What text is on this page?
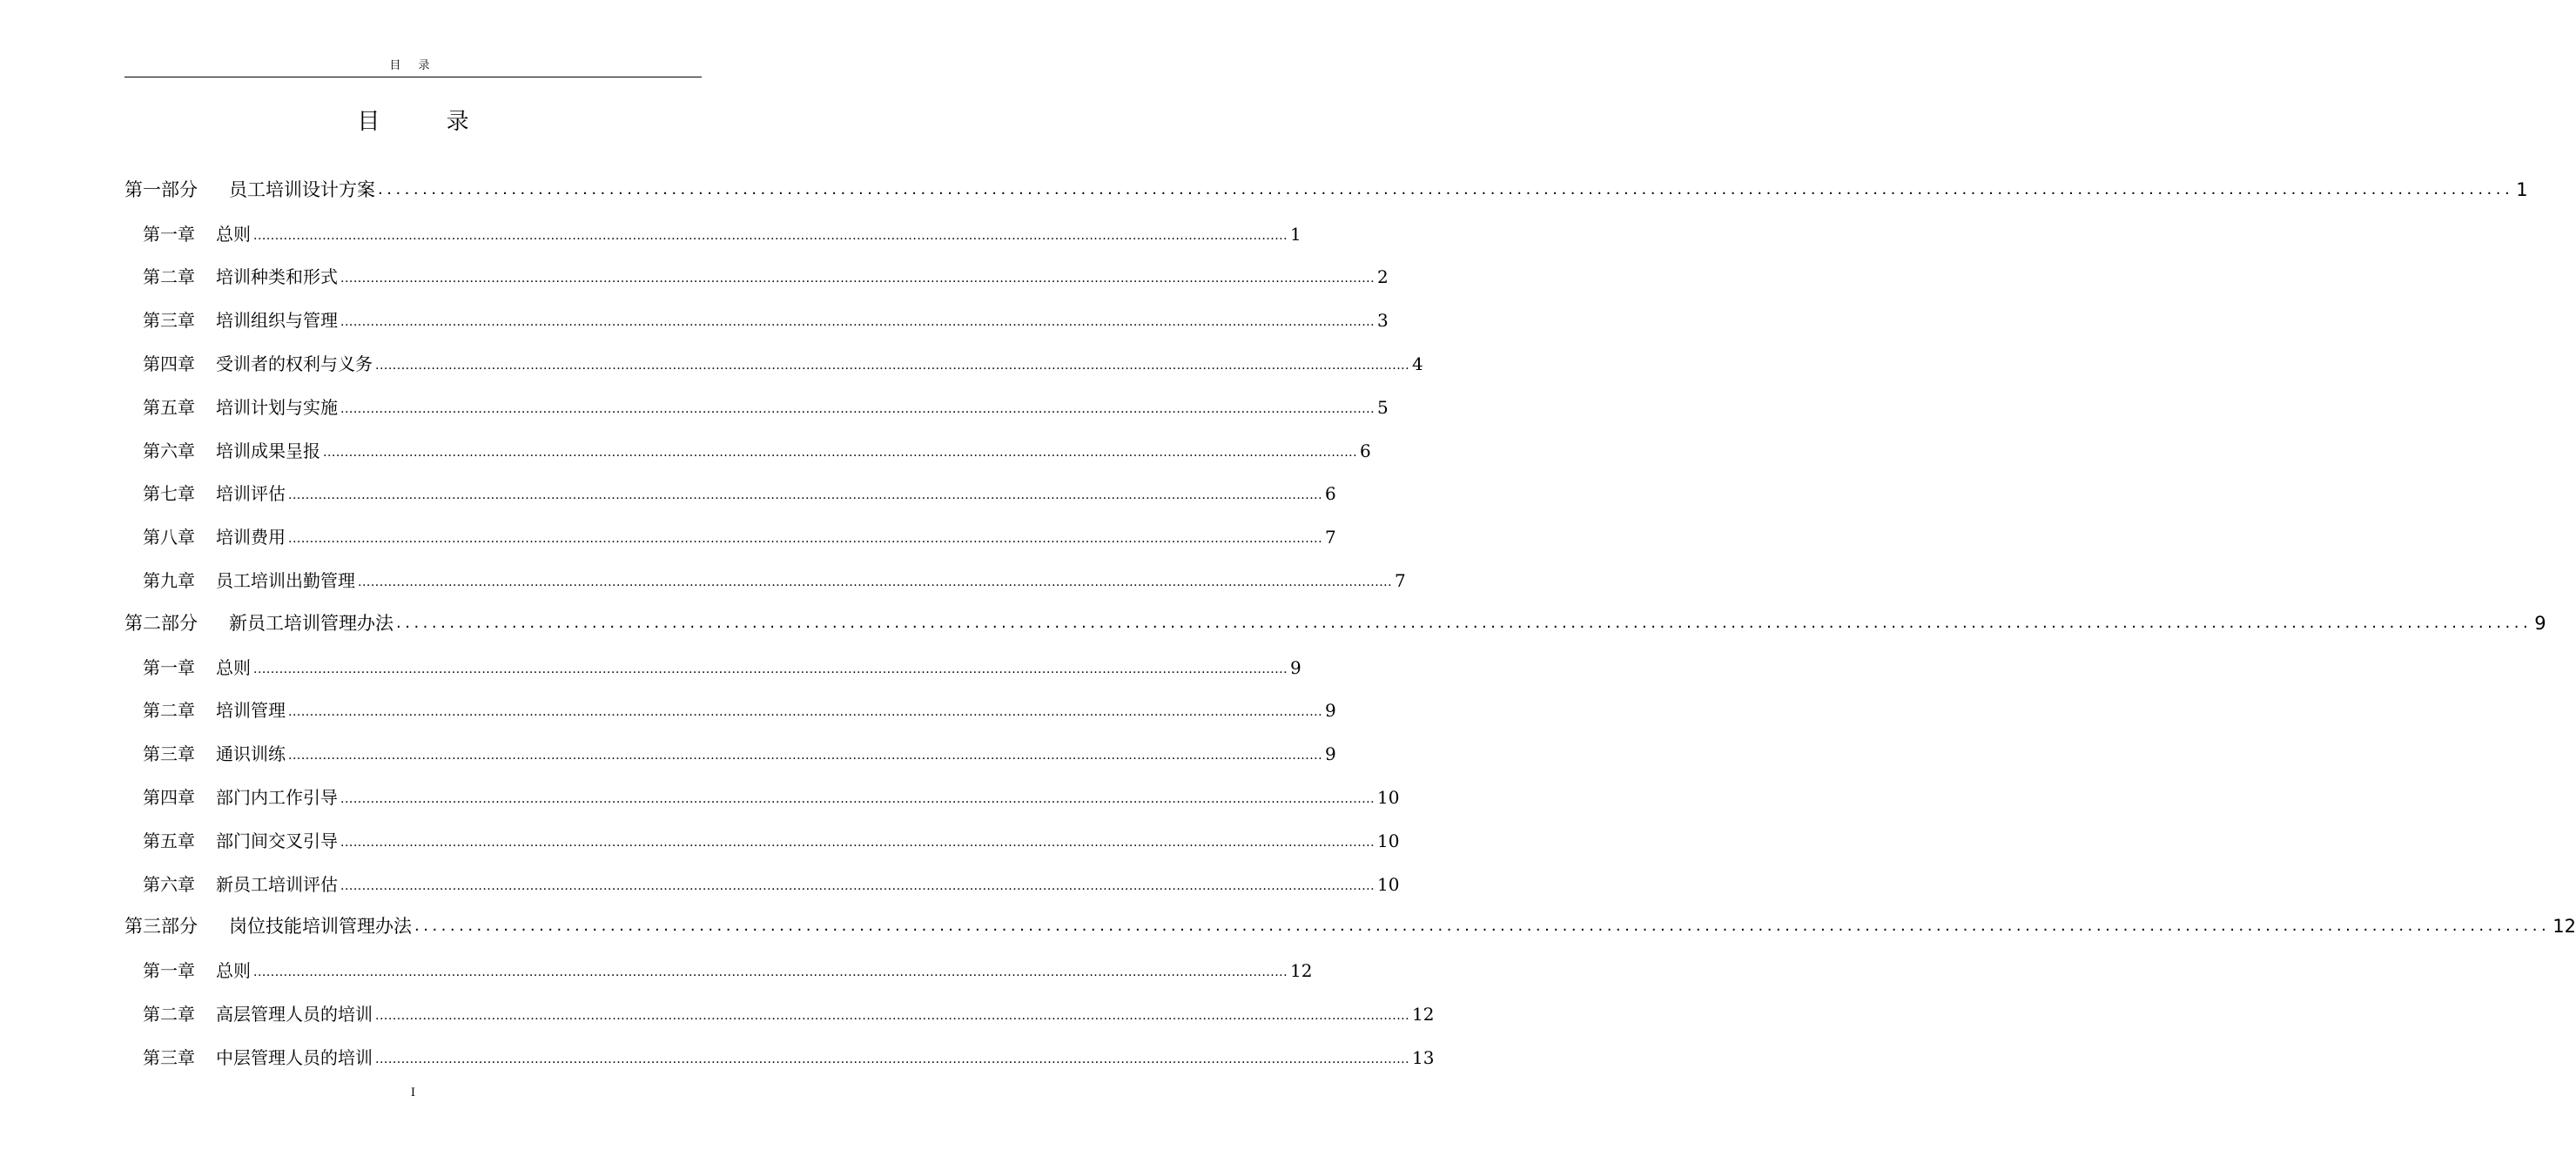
目 录
目 录
第一部分	员工培训设计方案 ................................................................................................................................................................................................................................................ 1
第一章	总则 ................................................................................................................................................................................................................................................ 1
第二章	培训种类和形式 ................................................................................................................................................................................................................................................ 2
第三章	培训组织与管理 ................................................................................................................................................................................................................................................ 3
第四章	受训者的权利与义务 ................................................................................................................................................................................................................................................ 4
第五章	培训计划与实施 ................................................................................................................................................................................................................................................ 5
第六章	培训成果呈报 ................................................................................................................................................................................................................................................ 6
第七章	培训评估 ................................................................................................................................................................................................................................................ 6
第八章	培训费用 ................................................................................................................................................................................................................................................ 7
第九章	员工培训出勤管理 ................................................................................................................................................................................................................................................ 7
第二部分	新员工培训管理办法 ................................................................................................................................................................................................................................................ 9
第一章	总则 ................................................................................................................................................................................................................................................ 9
第二章	培训管理 ................................................................................................................................................................................................................................................ 9
第三章	通识训练 ................................................................................................................................................................................................................................................ 9
第四章	部门内工作引导 ................................................................................................................................................................................................................................................ 10
第五章	部门间交叉引导 ................................................................................................................................................................................................................................................ 10
第六章	新员工培训评估 ................................................................................................................................................................................................................................................ 10
第三部分	岗位技能培训管理办法 ................................................................................................................................................................................................................................................ 12
第一章	总则 ................................................................................................................................................................................................................................................ 12
第二章	高层管理人员的培训 ................................................................................................................................................................................................................................................ 12
第三章	中层管理人员的培训 ................................................................................................................................................................................................................................................ 13
I
